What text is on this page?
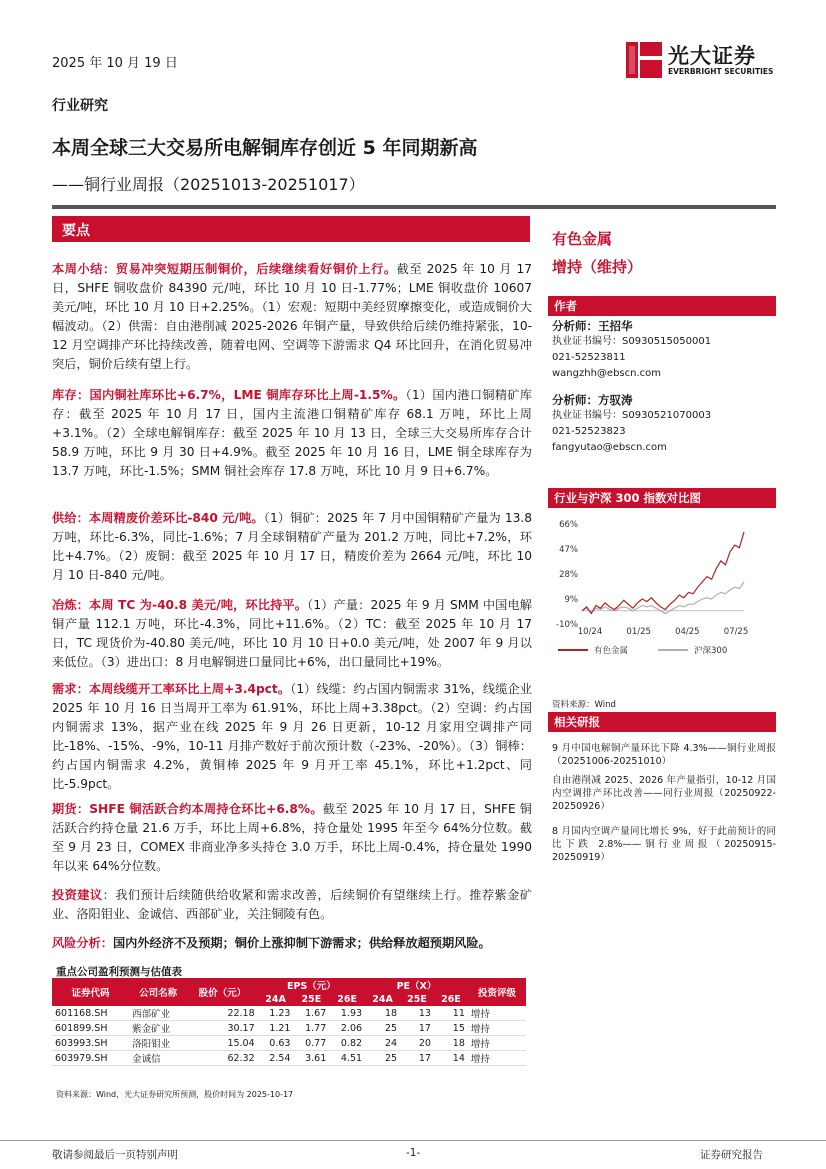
2025 年 10 月 19 日	光大证券
EVERBRIGHT SECURITIES
行业研究
本周全球三大交易所电解铜库存创近 5 年同期新高
——铜行业周报（20251013-20251017）
要点
本周小结：贸易冲突短期压制铜价，后续继续看好铜价上行。截至 2025 年 10 月 17 日，SHFE 铜收盘价 84390 元/吨，环比 10 月 10 日-1.77%；LME 铜收盘价 10607 美元/吨，环比 10 月 10 日+2.25%。（1）宏观：短期中美经贸摩擦变化，或造成铜价大幅波动。（2）供需：自由港削减 2025-2026 年铜产量，导致供给后续仍维持紧张，10-12 月空调排产环比持续改善，随着电网、空调等下游需求 Q4 环比回升，在消化贸易冲突后，铜价后续有望上行。
库存：国内铜社库环比+6.7%，LME 铜库存环比上周-1.5%。（1）国内港口铜精矿库存：截至 2025 年 10 月 17 日，国内主流港口铜精矿库存 68.1 万吨，环比上周+3.1%。（2）全球电解铜库存：截至 2025 年 10 月 13 日，全球三大交易所库存合计 58.9 万吨，环比 9 月 30 日+4.9%。截至 2025 年 10 月 16 日，LME 铜全球库存为 13.7 万吨，环比-1.5%；SMM 铜社会库存 17.8 万吨，环比 10 月 9 日+6.7%。
供给：本周精废价差环比-840 元/吨。（1）铜矿：2025 年 7 月中国铜精矿产量为 13.8 万吨，环比-6.3%，同比-1.6%；7 月全球铜精矿产量为 201.2 万吨，同比+7.2%，环比+4.7%。（2）废铜：截至 2025 年 10 月 17 日，精废价差为 2664 元/吨，环比 10 月 10 日-840 元/吨。
冶炼：本周 TC 为-40.8 美元/吨，环比持平。（1）产量：2025 年 9 月 SMM 中国电解铜产量 112.1 万吨，环比-4.3%，同比+11.6%。（2）TC：截至 2025 年 10 月 17 日，TC 现货价为-40.80 美元/吨，环比 10 月 10 日+0.0 美元/吨，处 2007 年 9 月以来低位。（3）进出口：8 月电解铜进口量同比+6%，出口量同比+19%。
需求：本周线缆开工率环比上周+3.4pct。（1）线缆：约占国内铜需求 31%，线缆企业 2025 年 10 月 16 日当周开工率为 61.91%，环比上周+3.38pct。（2）空调：约占国内铜需求 13%，据产业在线 2025 年 9 月 26 日更新，10-12 月家用空调排产同比-18%、-15%、-9%，10-11 月排产数好于前次预计数（-23%、-20%）。（3）铜棒：约占国内铜需求 4.2%，黄铜棒 2025 年 9 月开工率 45.1%，环比+1.2pct、同比-5.9pct。
期货：SHFE 铜活跃合约本周持仓环比+6.8%。截至 2025 年 10 月 17 日，SHFE 铜活跃合约持仓量 21.6 万手，环比上周+6.8%，持仓量处 1995 年至今 64%分位数。截至 9 月 23 日，COMEX 非商业净多头持仓 3.0 万手，环比上周-0.4%，持仓量处 1990 年以来 64%分位数。
投资建议：我们预计后续随供给收紧和需求改善，后续铜价有望继续上行。推荐紫金矿业、洛阳钼业、金诚信、西部矿业，关注铜陵有色。
风险分析：国内外经济不及预期；铜价上涨抑制下游需求；供给释放超预期风险。
有色金属
增持（维持）
作者
分析师：王招华
执业证书编号：S0930515050001
021-52523811
wangzhh@ebscn.com
分析师：方驭涛
执业证书编号：S0930521070003
021-52523823
fangyutao@ebscn.com
行业与沪深 300 指数对比图
66%
47%
28%
9%
-10%
10/24	01/25	04/25	07/25
有色金属	沪深300
资料来源：Wind
相关研报
9 月中国电解铜产量环比下降 4.3%——铜行业周报（20251006-20251010）
自由港削减 2025、2026 年产量指引，10-12 月国内空调排产环比改善——同行业周报（20250922-20250926）
8 月国内空调产量同比增长 9%，好于此前预计的同比下跌 2.8%——铜行业周报（20250915-20250919）
重点公司盈利预测与估值表
证券代码	公司名称	股价（元）	EPS（元）			PE（X）			投资评级
			24A	25E	26E	24A	25E	26E	
601168.SH	西部矿业	22.18	1.23	1.67	1.93	18	13	11	增持
601899.SH	紫金矿业	30.17	1.21	1.77	2.06	25	17	15	增持
603993.SH	洛阳钼业	15.04	0.63	0.77	0.82	24	20	18	增持
603979.SH	金诚信	62.32	2.54	3.61	4.51	25	17	14	增持
资料来源：Wind，光大证券研究所预测，股价时间为 2025-10-17
敬请参阅最后一页特别声明	-1-	证券研究报告
